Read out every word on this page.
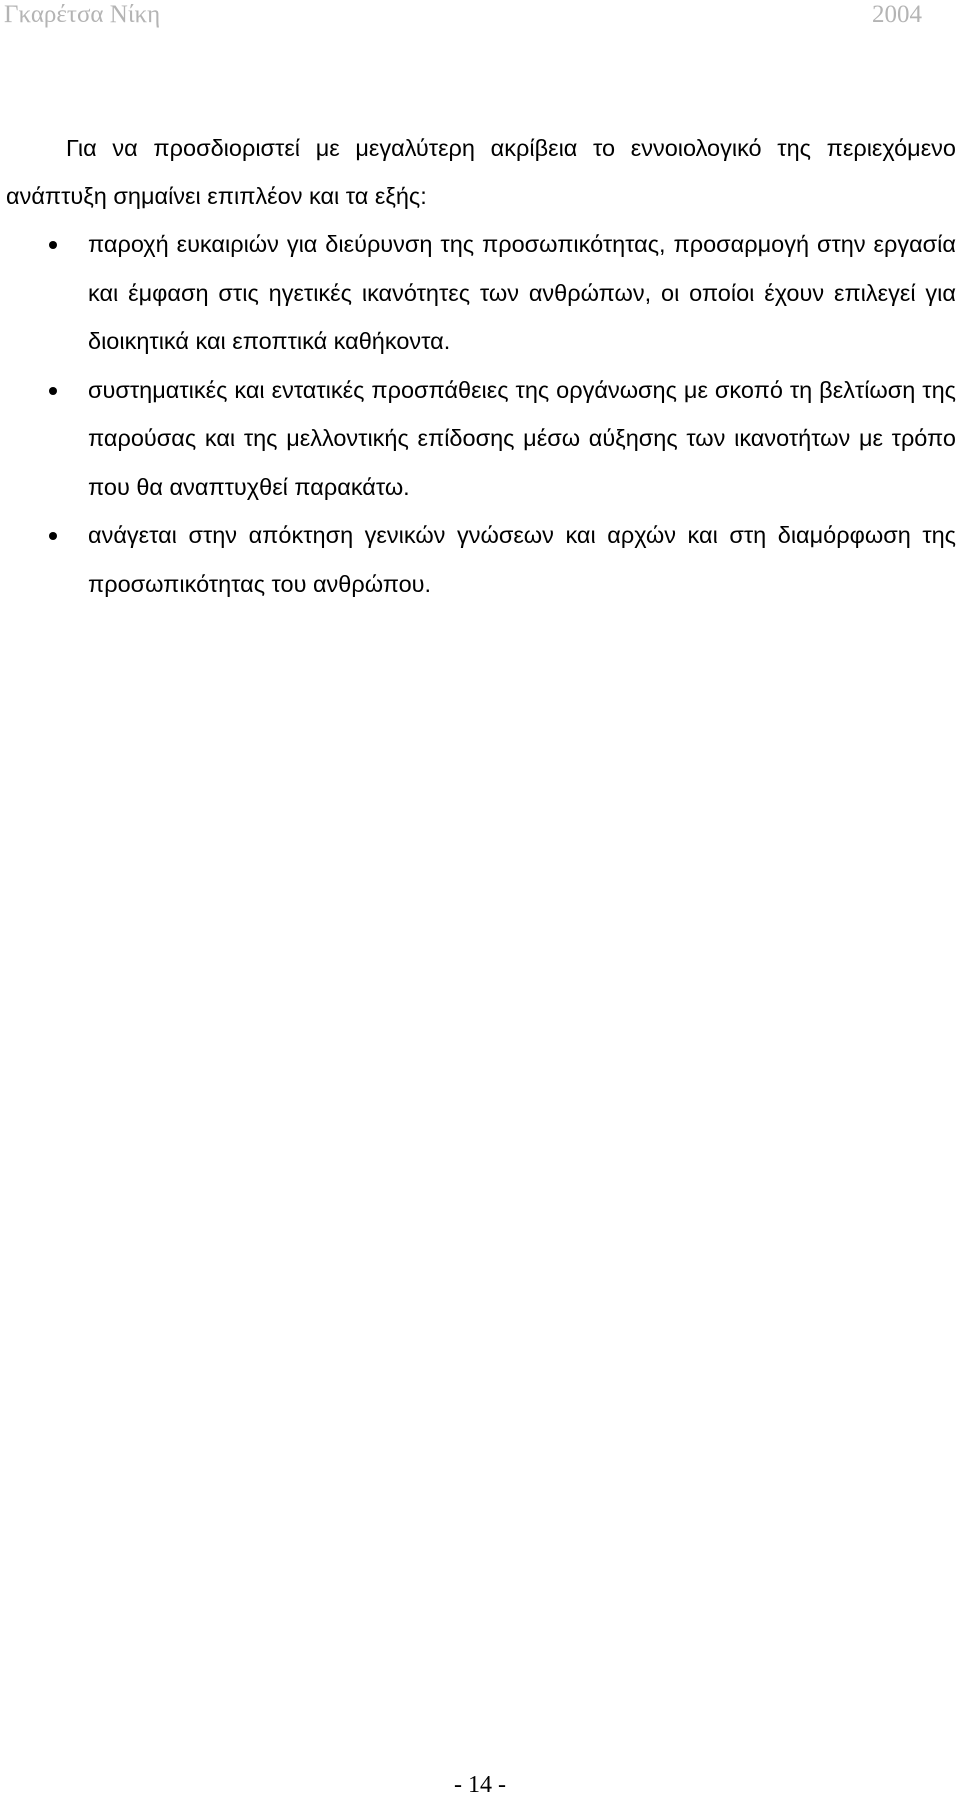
Γκαρέτσα Νίκη	2004

Για να προσδιοριστεί με μεγαλύτερη ακρίβεια το εννοιολογικό της περιεχόμενο ανάπτυξη σημαίνει επιπλέον και τα εξής:

παροχή ευκαιριών για διεύρυνση της προσωπικότητας, προσαρμογή στην εργασία και έμφαση στις ηγετικές ικανότητες των ανθρώπων, οι οποίοι έχουν επιλεγεί για διοικητικά και εποπτικά καθήκοντα.
συστηματικές και εντατικές προσπάθειες της οργάνωσης με σκοπό τη βελτίωση της παρούσας και της μελλοντικής επίδοσης μέσω αύξησης των ικανοτήτων με τρόπο που θα αναπτυχθεί παρακάτω.
ανάγεται στην απόκτηση γενικών γνώσεων και αρχών και στη διαμόρφωση της προσωπικότητας του ανθρώπου.
- 14 -
